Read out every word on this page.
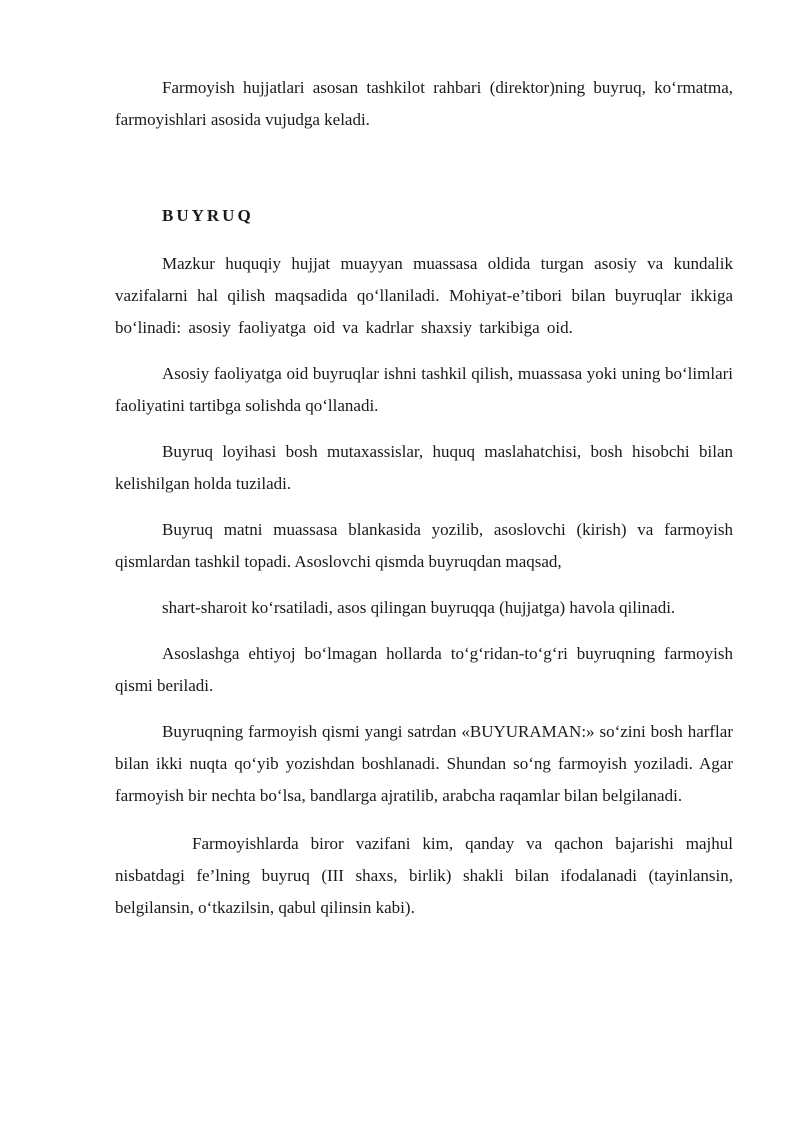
Farmoyish hujjatlari asosan tashkilot rahbari (direktor)ning buyruq, ko‘rmatma, farmoyishlari asosida vujudga keladi.

BUYRUQ

Mazkur huquqiy hujjat muayyan muassasa oldida turgan asosiy va kundalik vazifalarni hal qilish maqsadida qo‘llaniladi. Mohiyat-e’tibori bilan buyruqlar ikkiga bo‘linadi: asosiy faoliyatga oid va kadrlar shaxsiy tarkibiga oid.

Asosiy faoliyatga oid buyruqlar ishni tashkil qilish, muassasa yoki uning bo‘limlari faoliyatini tartibga solishda qo‘llanadi.

Buyruq loyihasi bosh mutaxassislar, huquq maslahatchisi, bosh hisobchi bilan kelishilgan holda tuziladi.

Buyruq matni muassasa blankasida yozilib, asoslovchi (kirish) va farmoyish qismlardan tashkil topadi. Asoslovchi qismda buyruqdan maqsad,

shart-sharoit ko‘rsatiladi, asos qilingan buyruqqa (hujjatga) havola qilinadi.

Asoslashga ehtiyoj bo‘lmagan hollarda to‘g‘ridan-to‘g‘ri buyruqning farmoyish qismi beriladi.

Buyruqning farmoyish qismi yangi satrdan «BUYURAMAN:» so‘zini bosh harflar bilan ikki nuqta qo‘yib yozishdan boshlanadi. Shundan so‘ng farmoyish yoziladi. Agar farmoyish bir nechta bo‘lsa, bandlarga ajratilib, arabcha raqamlar bilan belgilanadi.

Farmoyishlarda biror vazifani kim, qanday va qachon bajarishi majhul nisbatdagi fe’lning buyruq (III shaxs, birlik) shakli bilan ifodalanadi (tayinlansin, belgilansin, o‘tkazilsin, qabul qilinsin kabi).
